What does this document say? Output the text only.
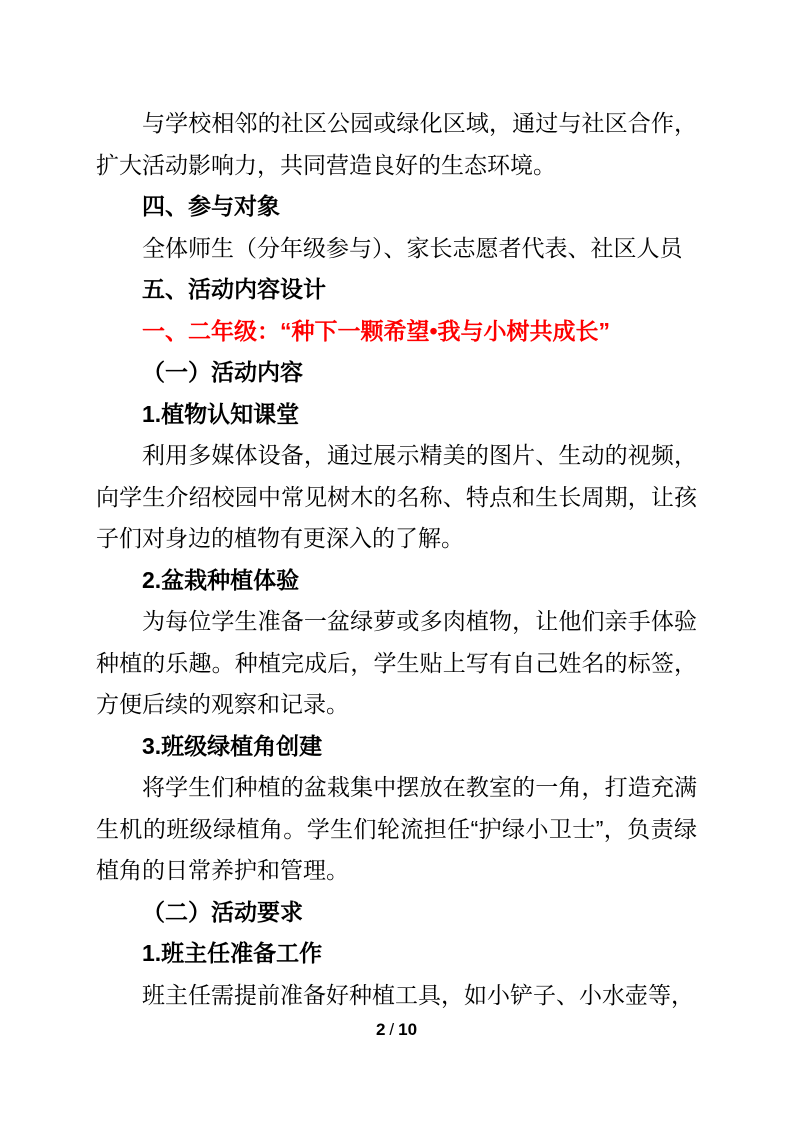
与学校相邻的社区公园或绿化区域，通过与社区合作，扩大活动影响力，共同营造良好的生态环境。
四、参与对象
全体师生（分年级参与）、家长志愿者代表、社区人员
五、活动内容设计
一、二年级：“种下一颗希望•我与小树共成长”
（一）活动内容
1.植物认知课堂
利用多媒体设备，通过展示精美的图片、生动的视频，向学生介绍校园中常见树木的名称、特点和生长周期，让孩子们对身边的植物有更深入的了解。
2.盆栽种植体验
为每位学生准备一盆绿萝或多肉植物，让他们亲手体验种植的乐趣。种植完成后，学生贴上写有自己姓名的标签，方便后续的观察和记录。
3.班级绿植角创建
将学生们种植的盆栽集中摆放在教室的一角，打造充满生机的班级绿植角。学生们轮流担任“护绿小卫士”，负责绿植角的日常养护和管理。
（二）活动要求
1.班主任准备工作
班主任需提前准备好种植工具，如小铲子、小水壶等，
2 / 10
